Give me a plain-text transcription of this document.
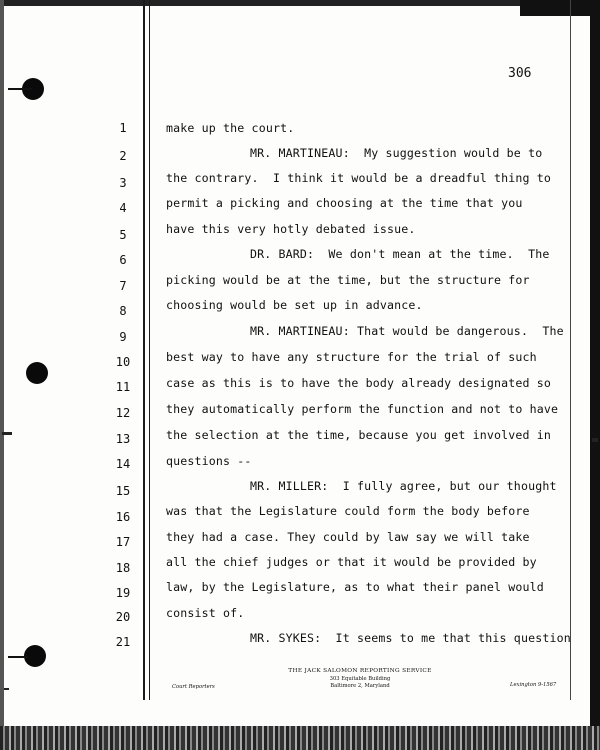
306
1	make up the court.
2	MR. MARTINEAU:  My suggestion would be to
3	the contrary.  I think it would be a dreadful thing to
4	permit a picking and choosing at the time that you
5	have this very hotly debated issue.
6	DR. BARD:  We don't mean at the time.  The
7	picking would be at the time, but the structure for
8	choosing would be set up in advance.
9	MR. MARTINEAU: That would be dangerous.  The
10	best way to have any structure for the trial of such
11	case as this is to have the body already designated so
12	they automatically perform the function and not to have
13	the selection at the time, because you get involved in
14	questions --
15	MR. MILLER:  I fully agree, but our thought
16	was that the Legislature could form the body before
17	they had a case. They could by law say we will take
18	all the chief judges or that it would be provided by
19	law, by the Legislature, as to what their panel would
20	consist of.
21	MR. SYKES:  It seems to me that this question
THE JACK SALOMON REPORTING SERVICE
303 Equitable Building
Baltimore 2, Maryland
Court Reporters	Lexington 9-1567
